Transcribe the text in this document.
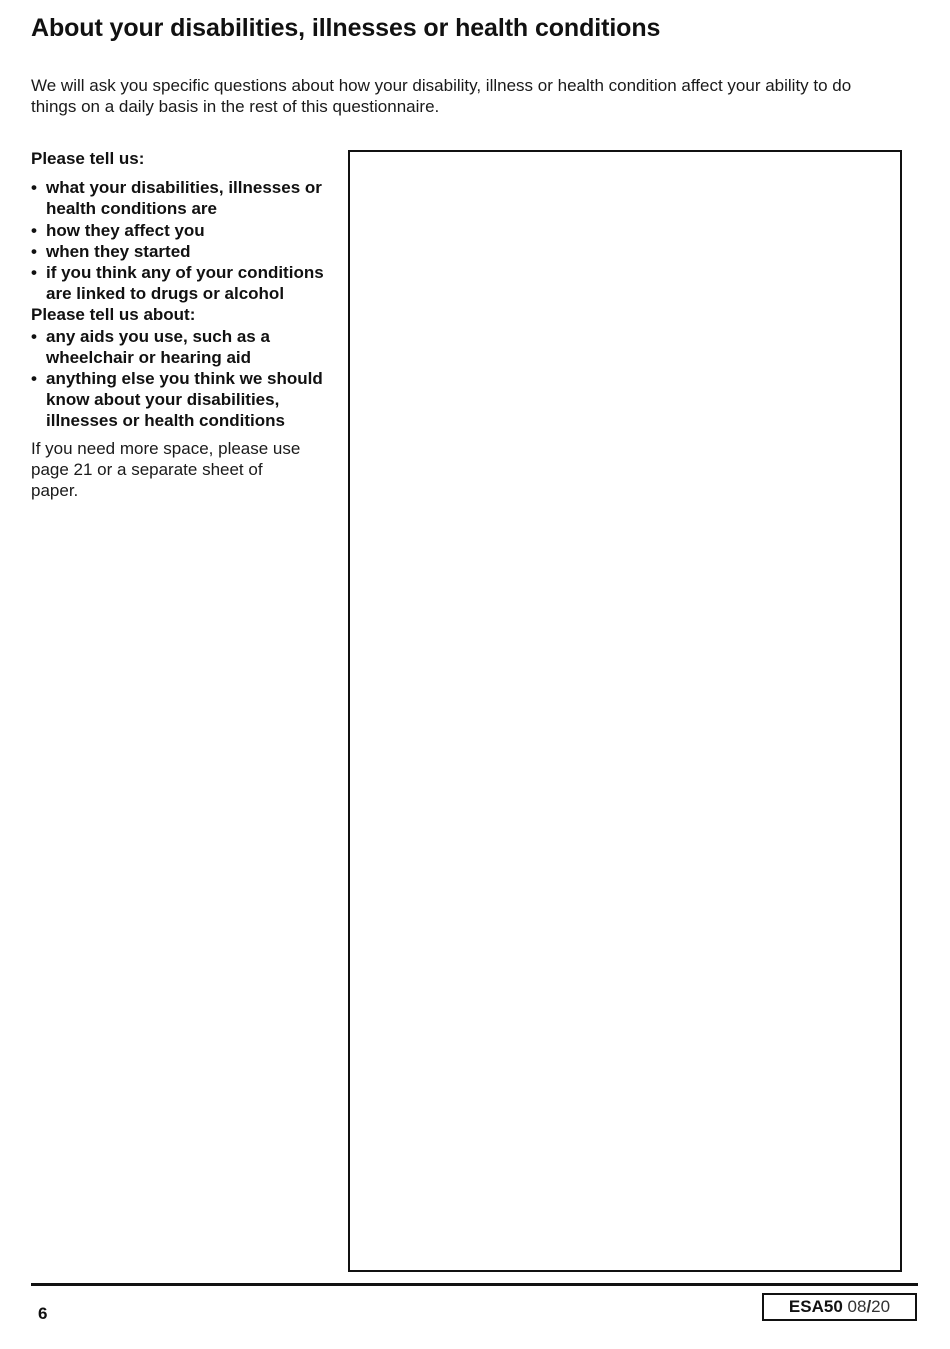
About your disabilities, illnesses or health conditions

We will ask you specific questions about how your disability, illness or health condition affect your ability to do things on a daily basis in the rest of this questionnaire.

Please tell us:

• what your disabilities, illnesses or health conditions are
• how they affect you
• when they started
• if you think any of your conditions are linked to drugs or alcohol

Please tell us about:

• any aids you use, such as a wheelchair or hearing aid
• anything else you think we should know about your disabilities, illnesses or health conditions

If you need more space, please use page 21 or a separate sheet of paper.

6	ESA50 08/20
